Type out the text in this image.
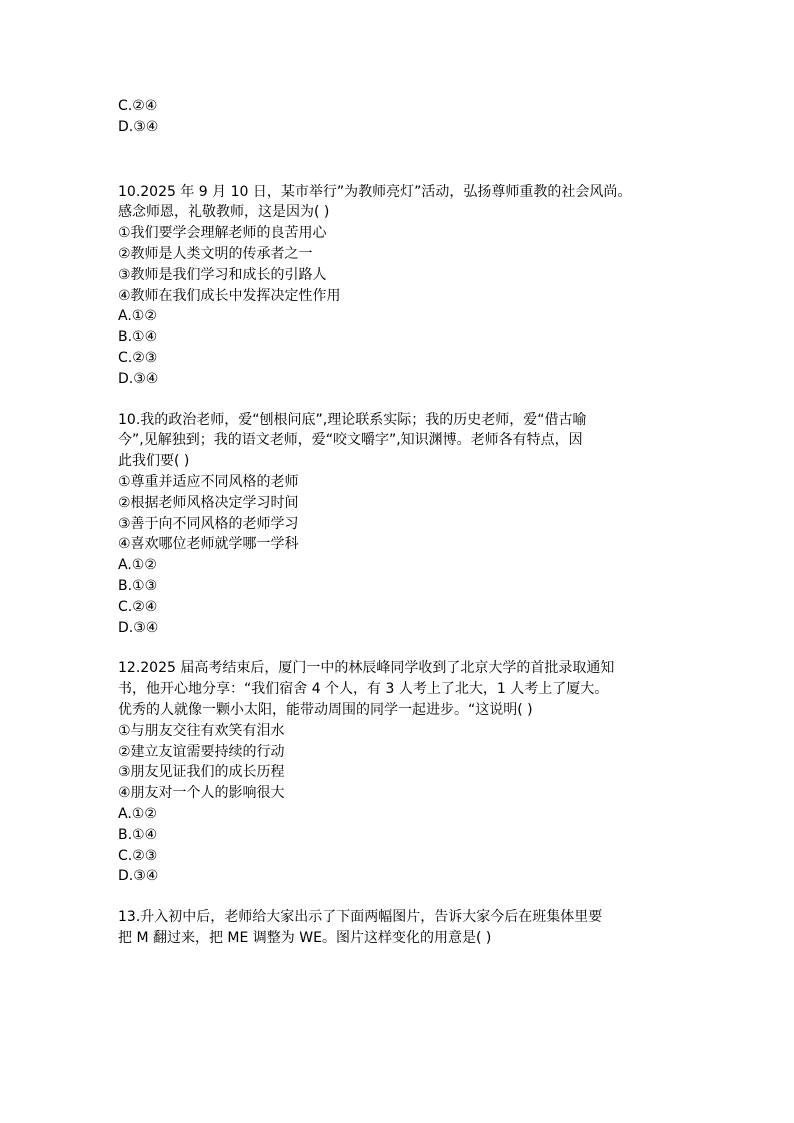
C.②④

D.③④

10.2025 年 9 月 10 日，某市举行”为教师亮灯”活动，弘扬尊师重教的社会风尚。

感念师恩，礼敬教师，这是因为( )

①我们要学会理解老师的良苦用心

②教师是人类文明的传承者之一

③教师是我们学习和成长的引路人

④教师在我们成长中发挥决定性作用

A.①②

B.①④

C.②③

D.③④

10.我的政治老师，爱“刨根问底”,理论联系实际；我的历史老师，爱“借古喻

今”,见解独到；我的语文老师，爱“咬文嚼字”,知识渊博。老师各有特点，因

此我们要( )

①尊重并适应不同风格的老师

②根据老师风格决定学习时间

③善于向不同风格的老师学习

④喜欢哪位老师就学哪一学科

A.①②

B.①③

C.②④

D.③④

12.2025 届高考结束后，厦门一中的林辰峰同学收到了北京大学的首批录取通知

书，他开心地分享：“我们宿舍 4 个人，有 3 人考上了北大，1 人考上了厦大。

优秀的人就像一颗小太阳，能带动周围的同学一起进步。“这说明( )

①与朋友交往有欢笑有泪水

②建立友谊需要持续的行动

③朋友见证我们的成长历程

④朋友对一个人的影响很大

A.①②

B.①④

C.②③

D.③④

13.升入初中后，老师给大家出示了下面两幅图片，告诉大家今后在班集体里要

把 M 翻过来，把 ME 调整为 WE。图片这样变化的用意是( )
